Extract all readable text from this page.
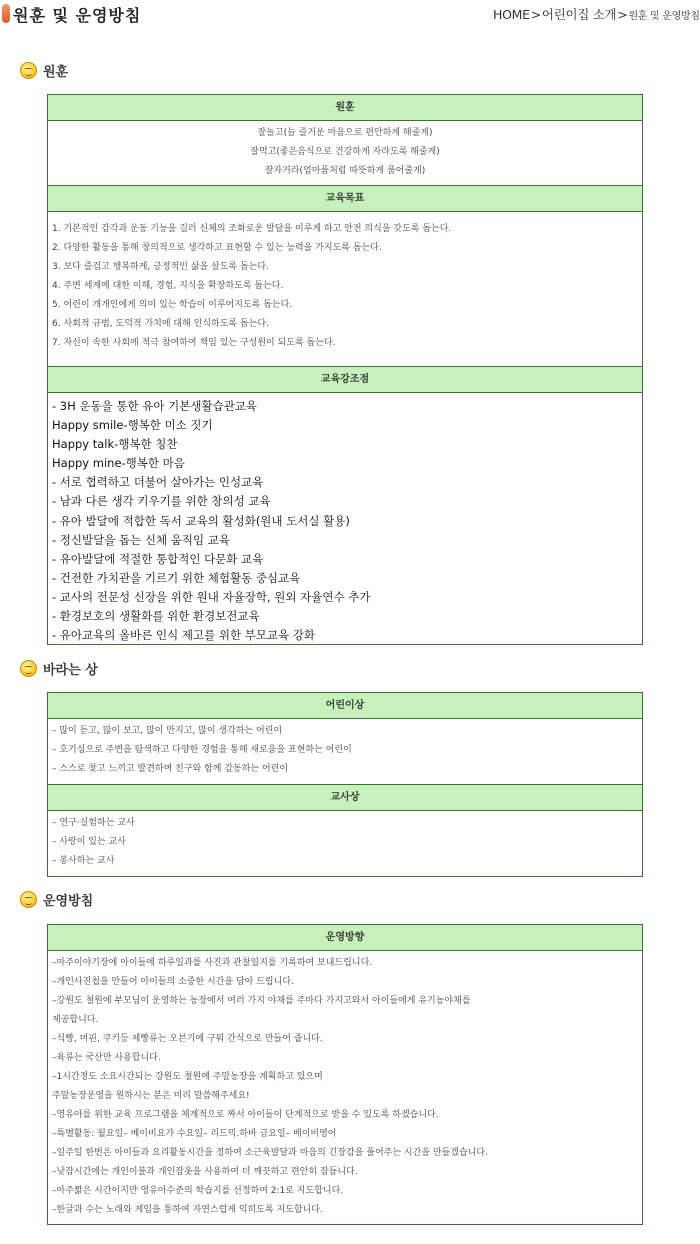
원훈 및 운영방침	HOME>어린이집 소개>원훈 및 운영방침
원훈
원훈
잘놀고(늘 즐거운 마음으로 편안하게 해줄게)
잘먹고(좋은음식으로 건강하게 자라도록 해줄게)
잘자거라(엄마품처럼 따뜻하게 품어줄게)
교육목표
1. 기본적인 감각과 운동 기능을 길러 신체의 조화로운 발달을 이루게 하고 안전 의식을 갖도록 돕는다.
2. 다양한 활동을 통해 창의적으로 생각하고 표현할 수 있는 능력을 가지도록 돕는다.
3. 보다 즐겁고 행복하게, 긍정적인 삶을 살도록 돕는다.
4. 주변 세계에 대한 이해, 경험, 지식을 확장하도록 돕는다.
5. 어린이 개개인에게 의미 있는 학습이 이루어지도록 돕는다.
6. 사회적 규범, 도덕적 가치에 대해 인식하도록 돕는다.
7. 자신이 속한 사회에 적극 참여하여 책임 있는 구성원이 되도록 돕는다.
교육강조점
- 3H 운동을 통한 유아 기본생활습관교육
Happy smile-행복한 미소 짓기
Happy talk-행복한 칭찬
Happy mine-행복한 마음
- 서로 협력하고 더불어 살아가는 인성교육
- 남과 다른 생각 키우기를 위한 창의성 교육
- 유아 발달에 적합한 독서 교육의 활성화(원내 도서실 활용)
- 정신발달을 돕는 신체 움직임 교육
- 유아발달에 적절한 통합적인 다문화 교육
- 건전한 가치관을 기르기 위한 체험활동 중심교육
- 교사의 전문성 신장을 위한 원내 자율장학, 원외 자율연수 추가
- 환경보호의 생활화를 위한 환경보전교육
- 유아교육의 올바른 인식 제고를 위한 부모교육 강화
바라는 상
어린이상
– 많이 듣고, 많이 보고, 많이 만지고, 많이 생각하는 어린이
– 호기심으로 주변을 탐색하고 다양한 경험을 통해 새로움을 표현하는 어린이
– 스스로 찾고 느끼고 발견하며 친구와 함께 감동하는 어린이
교사상
– 연구·실험하는 교사
– 사랑이 있는 교사
– 봉사하는 교사
운영방침
운영방향
–마주이야기장에 아이들에 하루일과를 사진과 관찰일지를 기록하여 보내드립니다.
–개인사진첩을 만들어 아이들의 소중한 시간을 담아 드립니다.
–강원도 철원에 부모님이 운영하는 농장에서 여러 가지 야채를 주마다 가지고와서 아이들에게 유기농야채를
제공합니다.
–식빵, 머핀, 쿠키등 제빵류는 오븐기에 구워 간식으로 만들어 줍니다.
–육류는 국산만 사용합니다.
–1시간정도 소요시간되는 강원도 철원에 주말농장을 계획하고 있으며
주말농장운영을 원하시는 분은 미리 말씀해주세요!
–영유아를 위한 교육 프로그램을 체계적으로 짜서 아이들이 단계적으로 받을 수 있도록 하겠습니다.
–특별활동: 월요일– 베이비요가 수요일– 리드믹.하바 금요일– 베이비영어
–일주일 한번은 아이들과 요리활동시간을 정하여 소근육발달과 마음의 긴장감을 풀어주는 시간을 만들겠습니다.
–낮잠시간에는 개인이불과 개인잠옷을 사용하여 더 깨끗하고 편안히 잠듭니다.
–아주짧은 시간이지만 영유아수준의 학습지를 선정하여 2:1로 지도합니다.
–한글과 수는 노래와 게임을 통하여 자연스럽게 익히도록 지도합니다.
